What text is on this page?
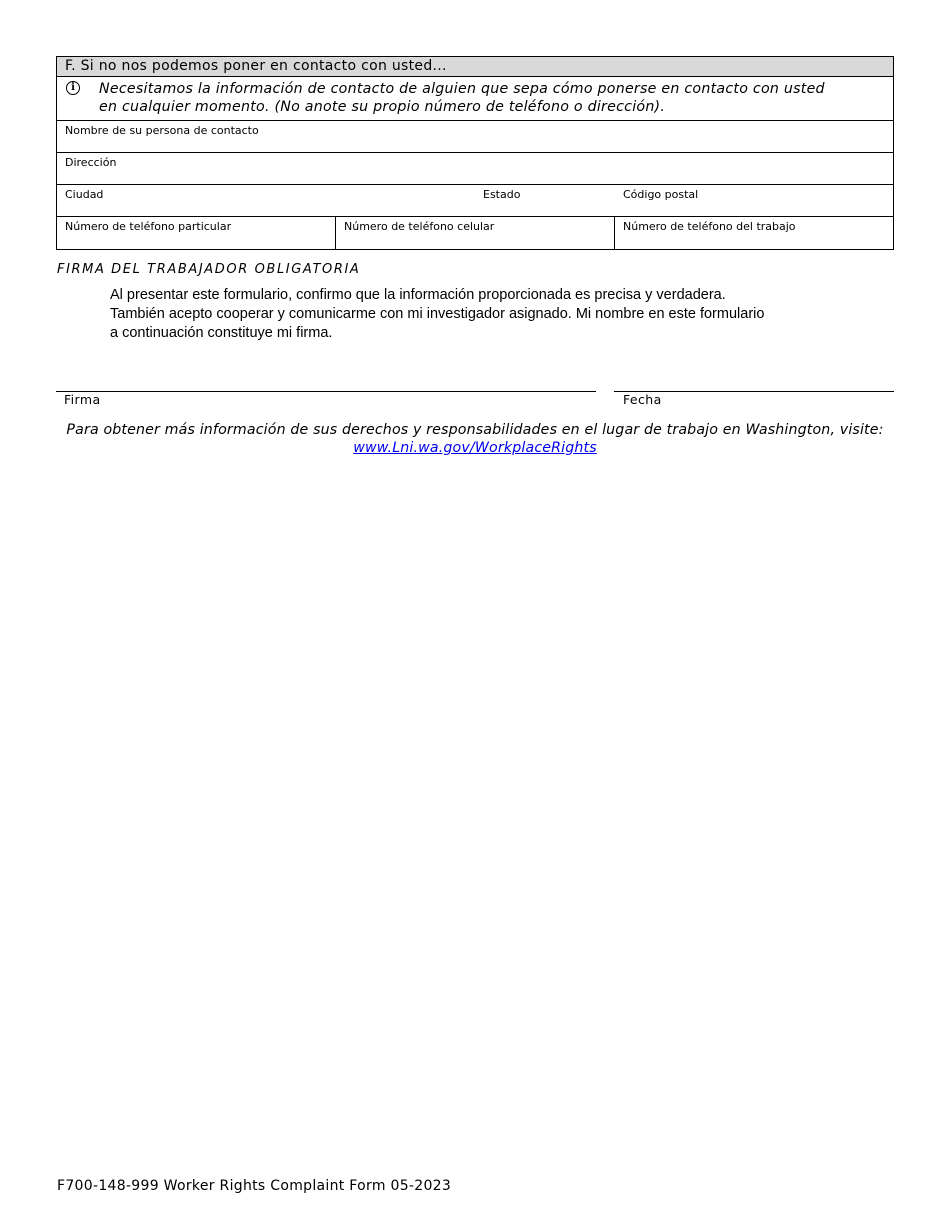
F. Si no nos podemos poner en contacto con usted...
i	Necesitamos la información de contacto de alguien que sepa cómo ponerse en contacto con usted
en cualquier momento. (No anote su propio número de teléfono o dirección).
Nombre de su persona de contacto
Dirección
Ciudad	Estado	Código postal
Número de teléfono particular	Número de teléfono celular	Número de teléfono del trabajo
FIRMA DEL TRABAJADOR OBLIGATORIA
Al presentar este formulario, confirmo que la información proporcionada es precisa y verdadera.
También acepto cooperar y comunicarme con mi investigador asignado. Mi nombre en este formulario
a continuación constituye mi firma.
Firma	Fecha
Para obtener más información de sus derechos y responsabilidades en el lugar de trabajo en Washington, visite:
www.Lni.wa.gov/WorkplaceRights
F700-148-999 Worker Rights Complaint Form 05-2023
